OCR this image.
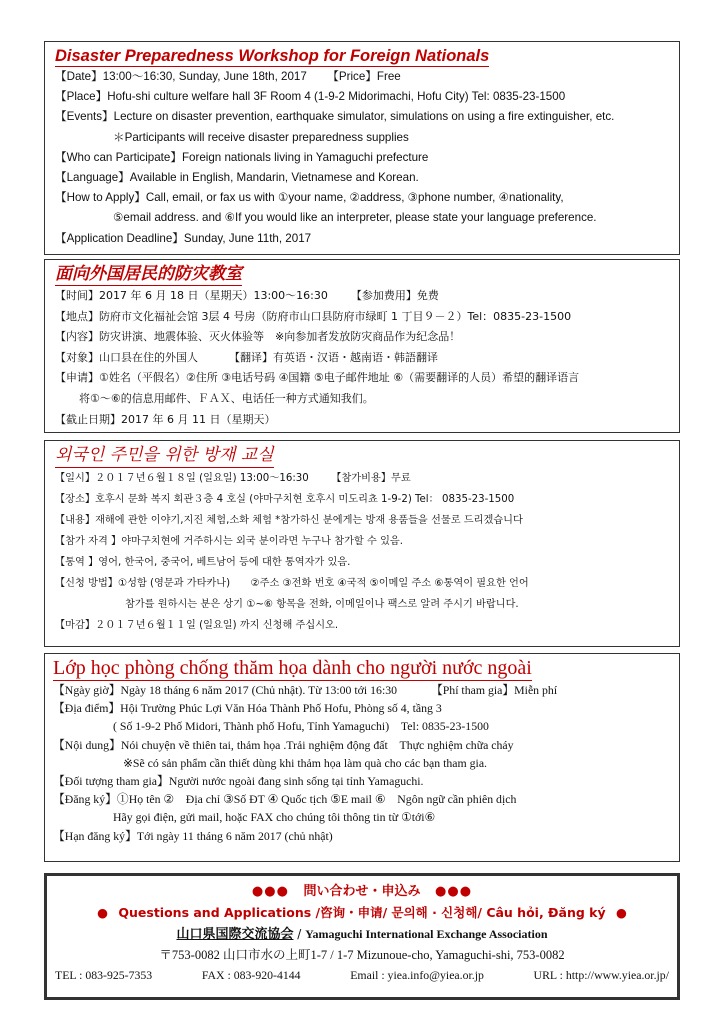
Disaster Preparedness Workshop for Foreign Nationals
【Date】13:00～16:30, Sunday, June 18th, 2017 【Price】Free
【Place】Hofu-shi culture welfare hall 3F Room 4 (1-9-2 Midorimachi, Hofu City) Tel: 0835-23-1500
【Events】Lecture on disaster prevention, earthquake simulator, simulations on using a fire extinguisher, etc.
＊Participants will receive disaster preparedness supplies
【Who can Participate】Foreign nationals living in Yamaguchi prefecture
【Language】Available in English, Mandarin, Vietnamese and Korean.
【How to Apply】Call, email, or fax us with ①your name, ②address, ③phone number, ④nationality,
⑤email address. and ⑥If you would like an interpreter, please state your language preference.
【Application Deadline】Sunday, June 11th, 2017
面向外国居民的防灾教室
【时间】2017 年 6 月 18 日（星期天）13:00～16:30 【参加费用】免费
【地点】防府市文化福祉会馆 3层 4 号房（防府市山口县防府市绿町 1 丁目９－２）Tel：0835-23-1500
【内容】防灾讲演、地震体验、灭火体验等　※向参加者发放防灾商品作为纪念品！
【对象】山口县在住的外国人	【翻译】有英语・汉语・越南语・韩語翻译
【申请】①姓名（平假名）②住所 ③电话号码 ④国籍 ⑤电子邮件地址 ⑥（需要翻译的人员）希望的翻译语言
将①～⑥的信息用邮件、ＦＡＸ、电话任一种方式通知我们。
【截止日期】2017 年 6 月 11 日（星期天）
외국인 주민을 위한 방재 교실
【일시】２０１７년６월１８일 (일요일) 13:00～16:30 【참가비용】무료
【장소】호후시 문화 복지 회관３층 4 호실 (야마구치현 호후시 미도리쵸 1-9-2) Tel： 0835-23-1500
【내용】재해에 관한 이야기,지진 체험,소화 체험 *참가하신 분에게는 방재 용품들을 선물로 드리겠습니다
【참가 자격 】야마구치현에 거주하시는 외국 분이라면 누구나 참가할 수 있음.
【통역 】영어, 한국어, 중국어, 베트남어 등에 대한 통역자가 있음.
【신청 방법】①성함 (영문과 가타카나)　　②주소 ③전화 번호 ④국적 ⑤이메일 주소 ⑥통역이 필요한 언어
참가를 원하시는 분은 상기 ①~⑥ 항목을 전화, 이메일이나 팩스로 알려 주시기 바랍니다.
【마감】２０１７년６월１１일 (일요일) 까지 신청해 주십시오.
Lớp học phòng chống thăm họa dành cho người nước ngoài
【Ngày giờ】Ngày 18 tháng 6 năm 2017 (Chủ nhật). Từ 13:00 tới 16:30	【Phí tham gia】Miễn phí
【Địa điểm】Hội Trường Phúc Lợi Văn Hóa Thành Phố Hofu, Phòng số 4, tầng 3
( Số 1-9-2 Phố Midori, Thành phố Hofu, Tỉnh Yamaguchi)　Tel: 0835-23-1500
【Nội dung】Nói chuyện về thiên tai, thảm họa .Trải nghiệm động đất　Thực nghiệm chữa cháy
※Sẽ có sản phẩm cần thiết dùng khi thảm họa làm quà cho các bạn tham gia.
【Đối tượng tham gia】Người nước ngoài đang sinh sống tại tỉnh Yamaguchi.
【Đăng ký】①Họ tên ②　Địa chỉ ③Số ĐT ④ Quốc tịch ⑤E mail ⑥　Ngôn ngữ cần phiên dịch
Hãy gọi điện, gửi mail, hoặc FAX cho chúng tôi thông tin từ ①tới⑥
【Hạn đăng ký】Tới ngày 11 tháng 6 năm 2017 (chủ nhật)
●●● 問い合わせ・申込み ●●●
● Questions and Applications /咨询・申请/ 문의해 · 신청해/ Câu hỏi, Đăng ký ●
山口県国際交流協会 / Yamaguchi International Exchange Association
〒753-0082 山口市水の上町1-7 / 1-7 Mizunoue-cho, Yamaguchi-shi, 753-0082
TEL : 083-925-7353	FAX : 083-920-4144	Email : yiea.info@yiea.or.jp	URL : http://www.yiea.or.jp/
